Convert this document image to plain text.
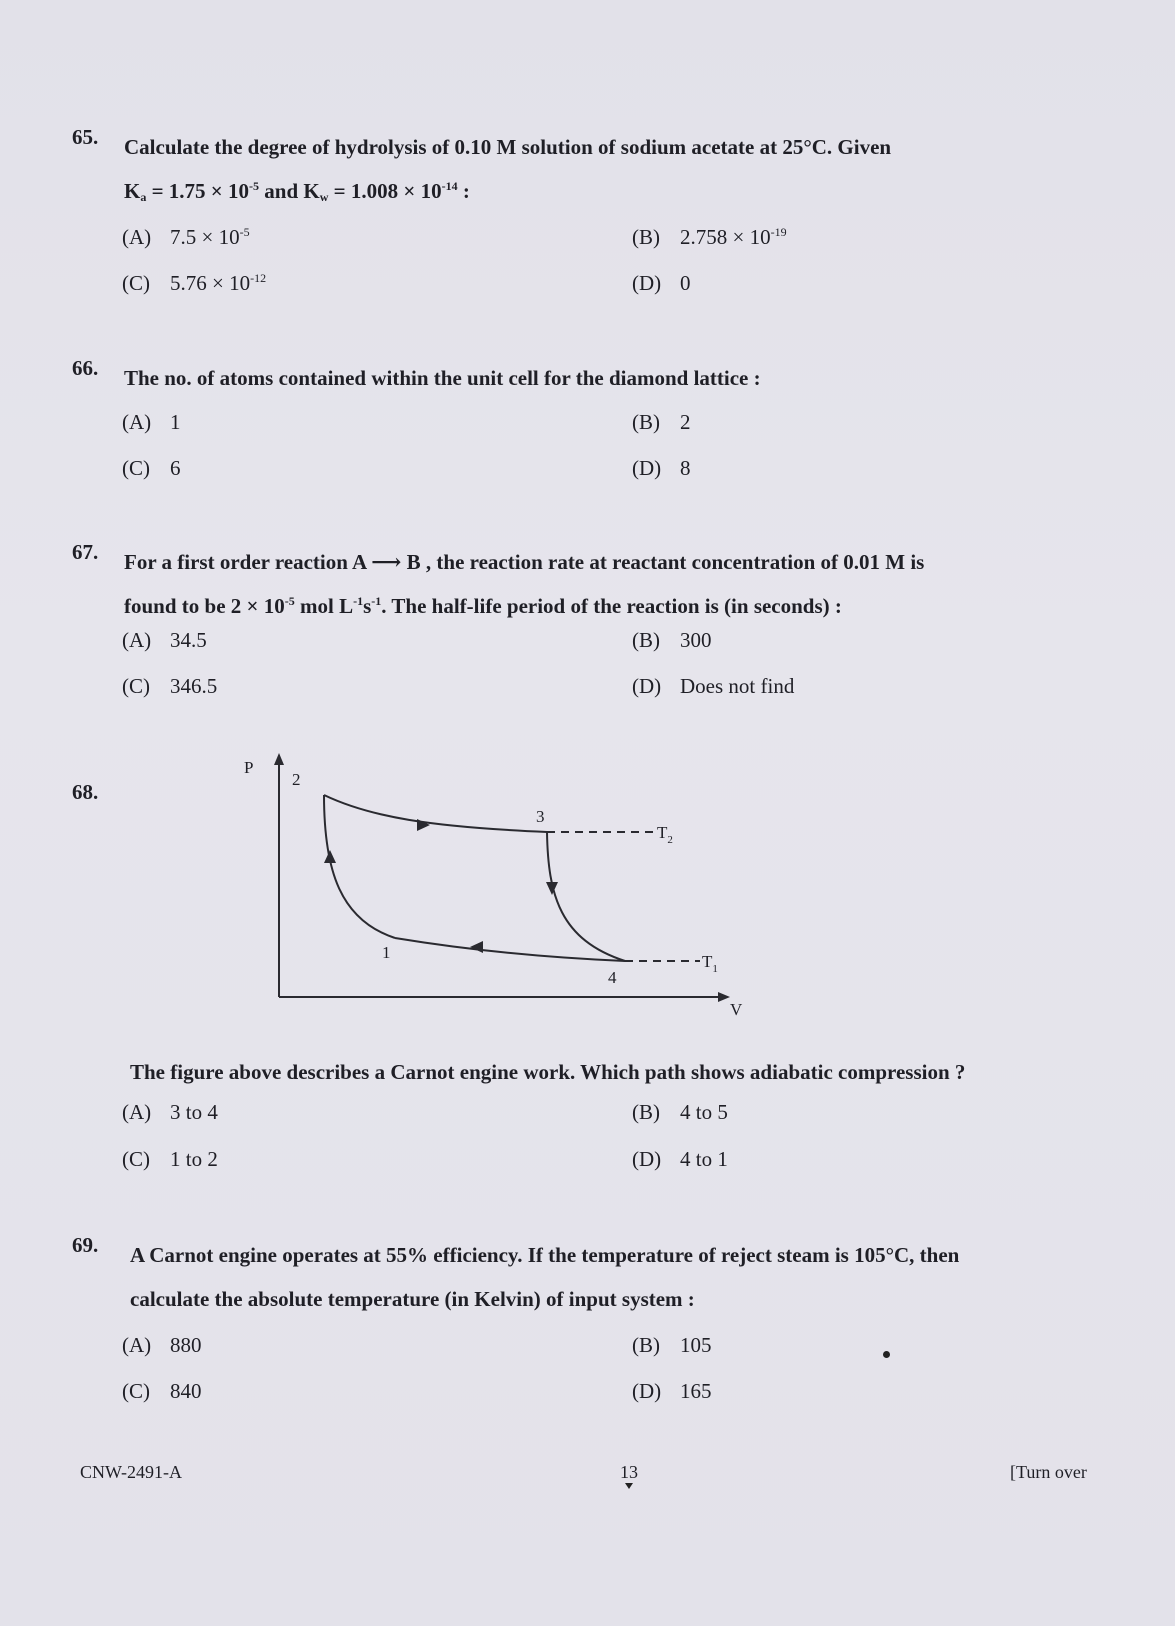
65. Calculate the degree of hydrolysis of 0.10 M solution of sodium acetate at 25°C. Given
$K_a = 1.75 \times 10^{-5}$ and $K_w = 1.008 \times 10^{-14}$ :
(A) $7.5 \times 10^{-5}$	(B) $2.758 \times 10^{-19}$
(C) $5.76 \times 10^{-12}$	(D) 0
66. The no. of atoms contained within the unit cell for the diamond lattice :
(A) 1	(B) 2
(C) 6	(D) 8
67. For a first order reaction A ⟶ B , the reaction rate at reactant concentration of 0.01 M is
found to be $2 \times 10^{-5}$ mol $L^{-1}s^{-1}$. The half-life period of the reaction is (in seconds) :
(A) 34.5	(B) 300
(C) 346.5	(D) Does not find
68.
P
V
2
3
1
4
$T_2$
$T_1$
The figure above describes a Carnot engine work. Which path shows adiabatic compression ?
(A) 3 to 4	(B) 4 to 5
(C) 1 to 2	(D) 4 to 1
69. A Carnot engine operates at 55% efficiency. If the temperature of reject steam is 105°C, then
calculate the absolute temperature (in Kelvin) of input system :
(A) 880	(B) 105
(C) 840	(D) 165
CNW-2491-A	13	[Turn over
